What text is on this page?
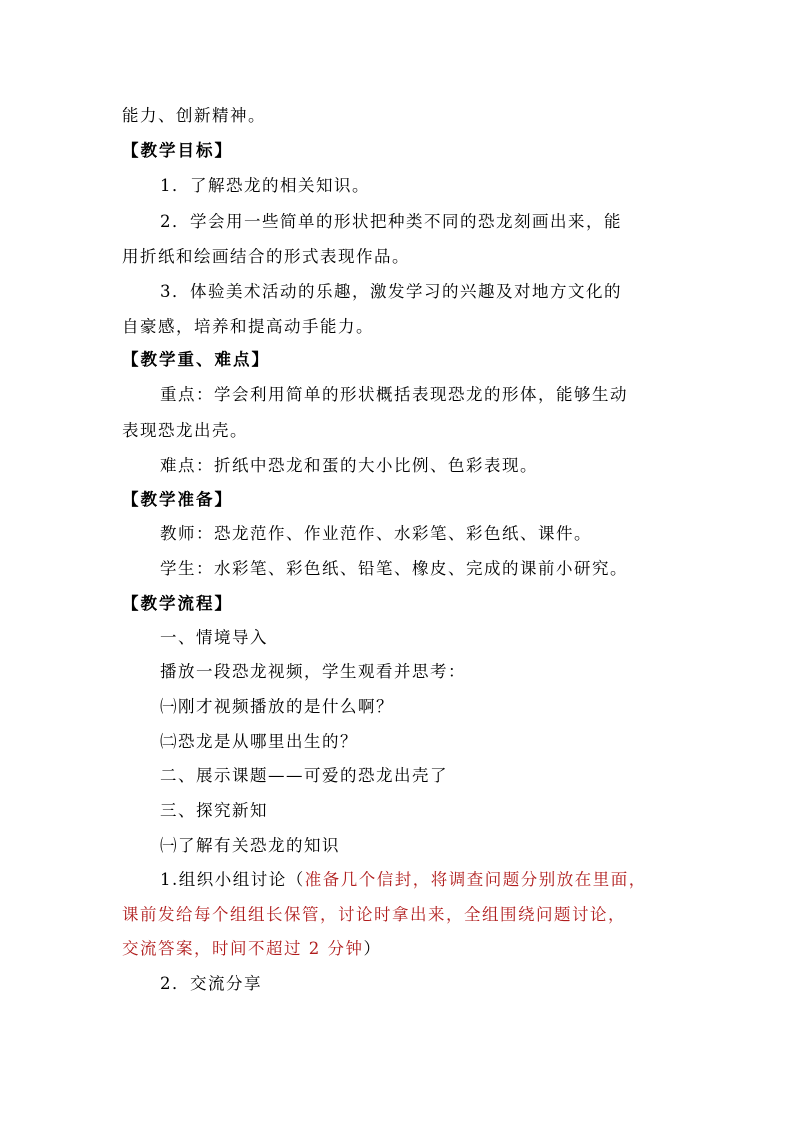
能力、创新精神。

【教学目标】

1．了解恐龙的相关知识。

2．学会用一些简单的形状把种类不同的恐龙刻画出来，能

用折纸和绘画结合的形式表现作品。

3．体验美术活动的乐趣，激发学习的兴趣及对地方文化的

自豪感，培养和提高动手能力。

【教学重、难点】

重点：学会利用简单的形状概括表现恐龙的形体，能够生动

表现恐龙出壳。

难点：折纸中恐龙和蛋的大小比例、色彩表现。

【教学准备】

教师：恐龙范作、作业范作、水彩笔、彩色纸、课件。

学生：水彩笔、彩色纸、铅笔、橡皮、完成的课前小研究。

【教学流程】

一、情境导入

播放一段恐龙视频，学生观看并思考：

㈠刚才视频播放的是什么啊？

㈡恐龙是从哪里出生的？

二、展示课题——可爱的恐龙出壳了

三、探究新知

㈠了解有关恐龙的知识

1.组织小组讨论（准备几个信封，将调查问题分别放在里面，

课前发给每个组组长保管，讨论时拿出来，全组围绕问题讨论，

交流答案，时间不超过 2 分钟）

2．交流分享
